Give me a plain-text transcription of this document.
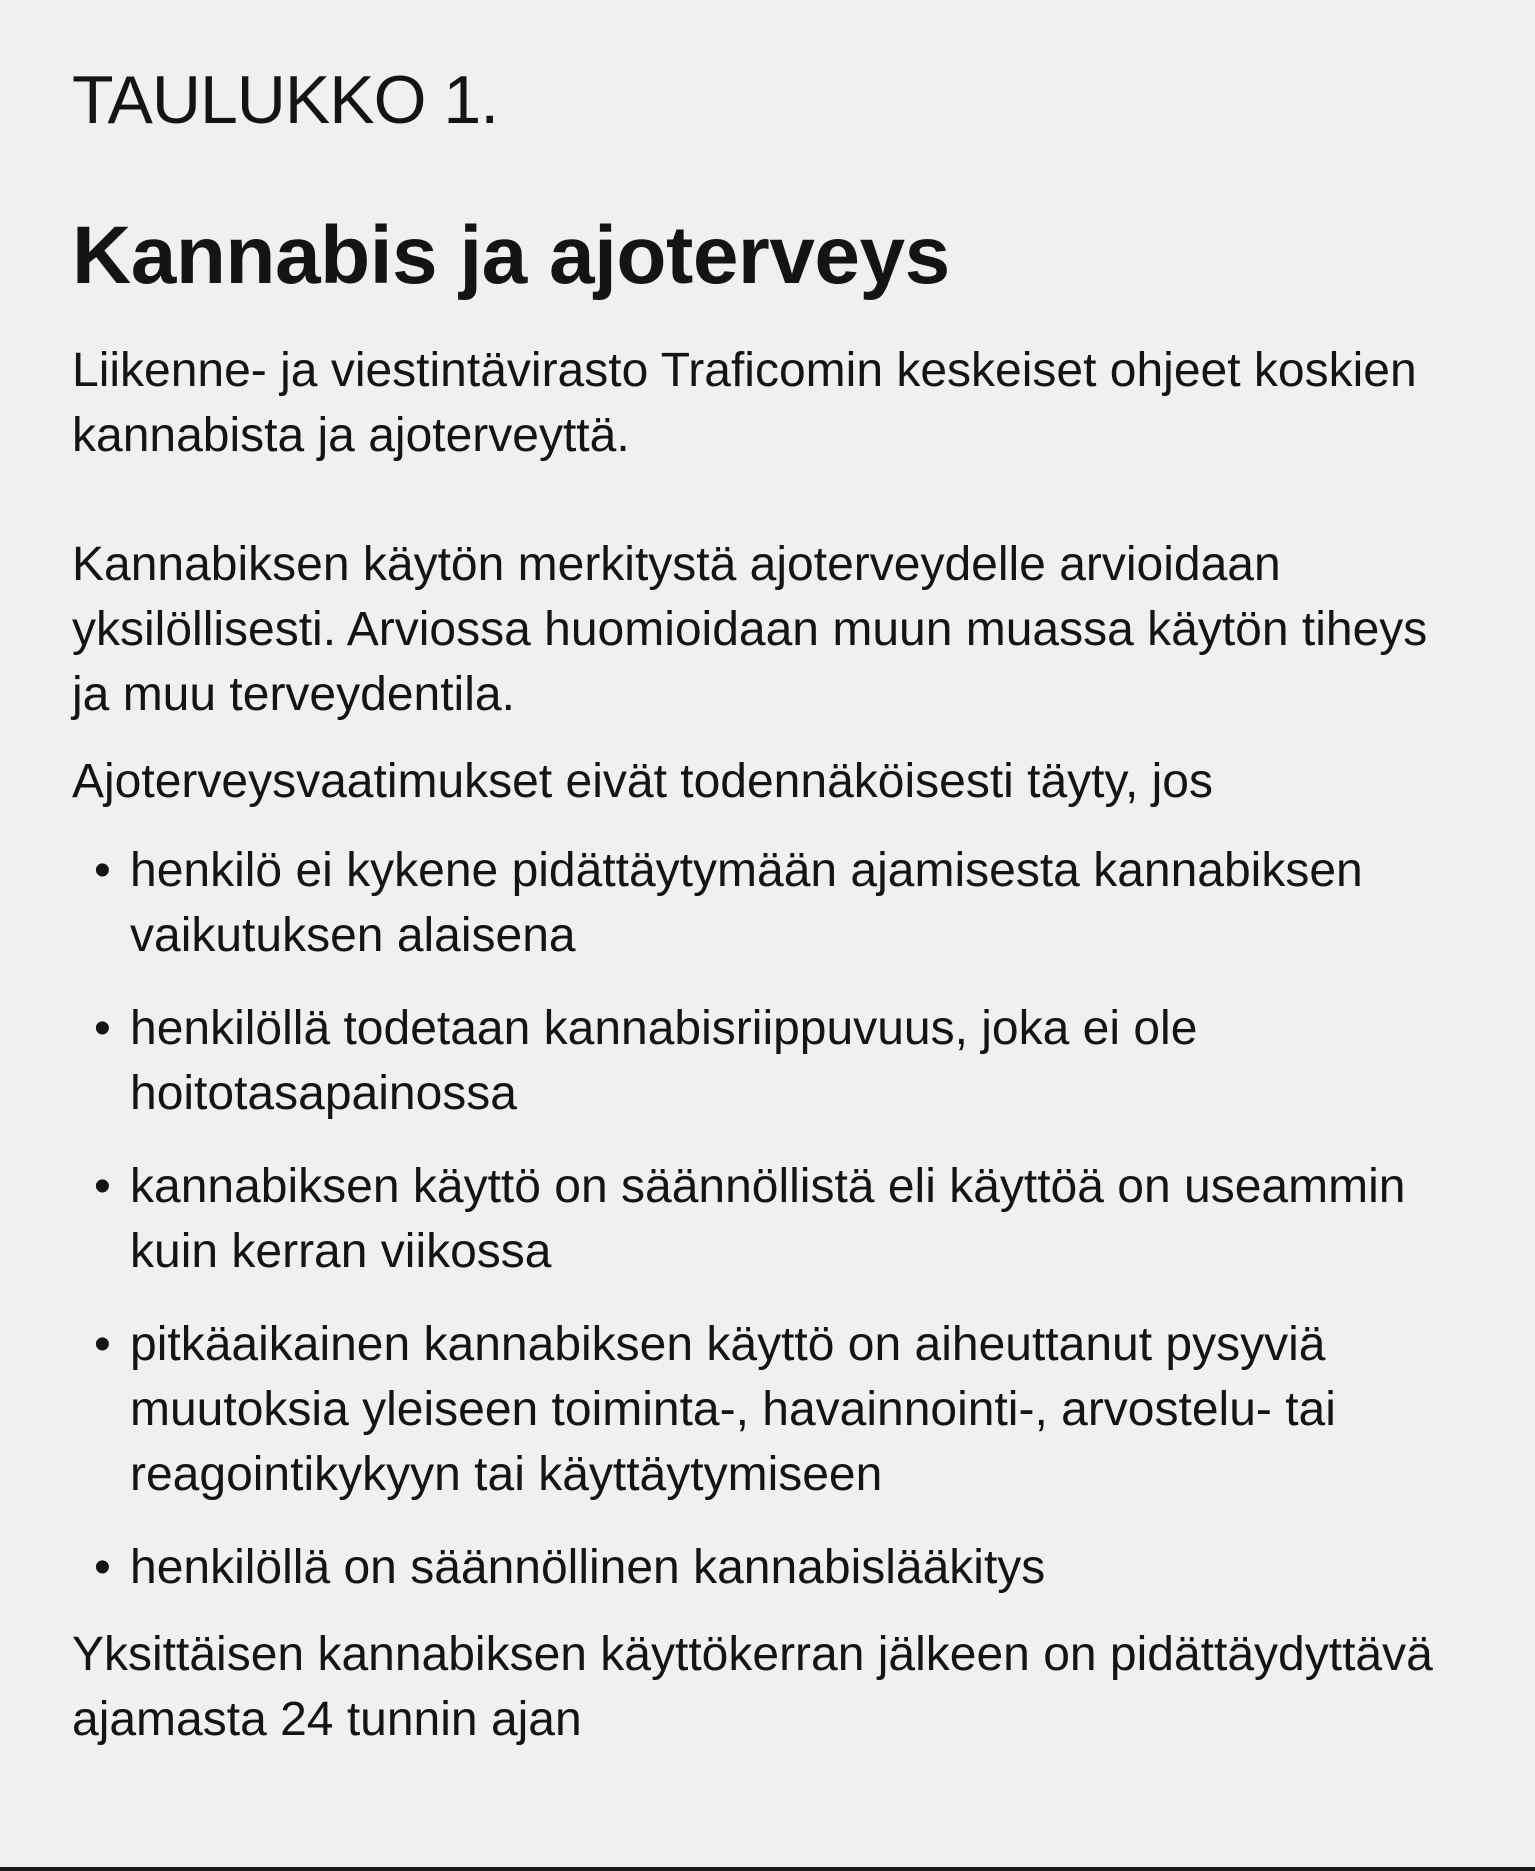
TAULUKKO 1.
Kannabis ja ajoterveys

Liikenne- ja viestintävirasto Traficomin keskeiset ohjeet koskien kannabista ja ajoterveyttä.

Kannabiksen käytön merkitystä ajoterveydelle arvioidaan yksilöllisesti. Arviossa huomioidaan muun muassa käytön tiheys ja muu terveydentila.

Ajoterveysvaatimukset eivät todennäköisesti täyty, jos

• henkilö ei kykene pidättäytymään ajamisesta kannabiksen vaikutuksen alaisena
• henkilöllä todetaan kannabisriippuvuus, joka ei ole hoitotasapainossa
• kannabiksen käyttö on säännöllistä eli käyttöä on useammin kuin kerran viikossa
• pitkäaikainen kannabiksen käyttö on aiheuttanut pysyviä muutoksia yleiseen toiminta-, havainnointi-, arvostelu- tai reagointikykyyn tai käyttäytymiseen
• henkilöllä on säännöllinen kannabislääkitys

Yksittäisen kannabiksen käyttökerran jälkeen on pidättäydyttävä ajamasta 24 tunnin ajan
